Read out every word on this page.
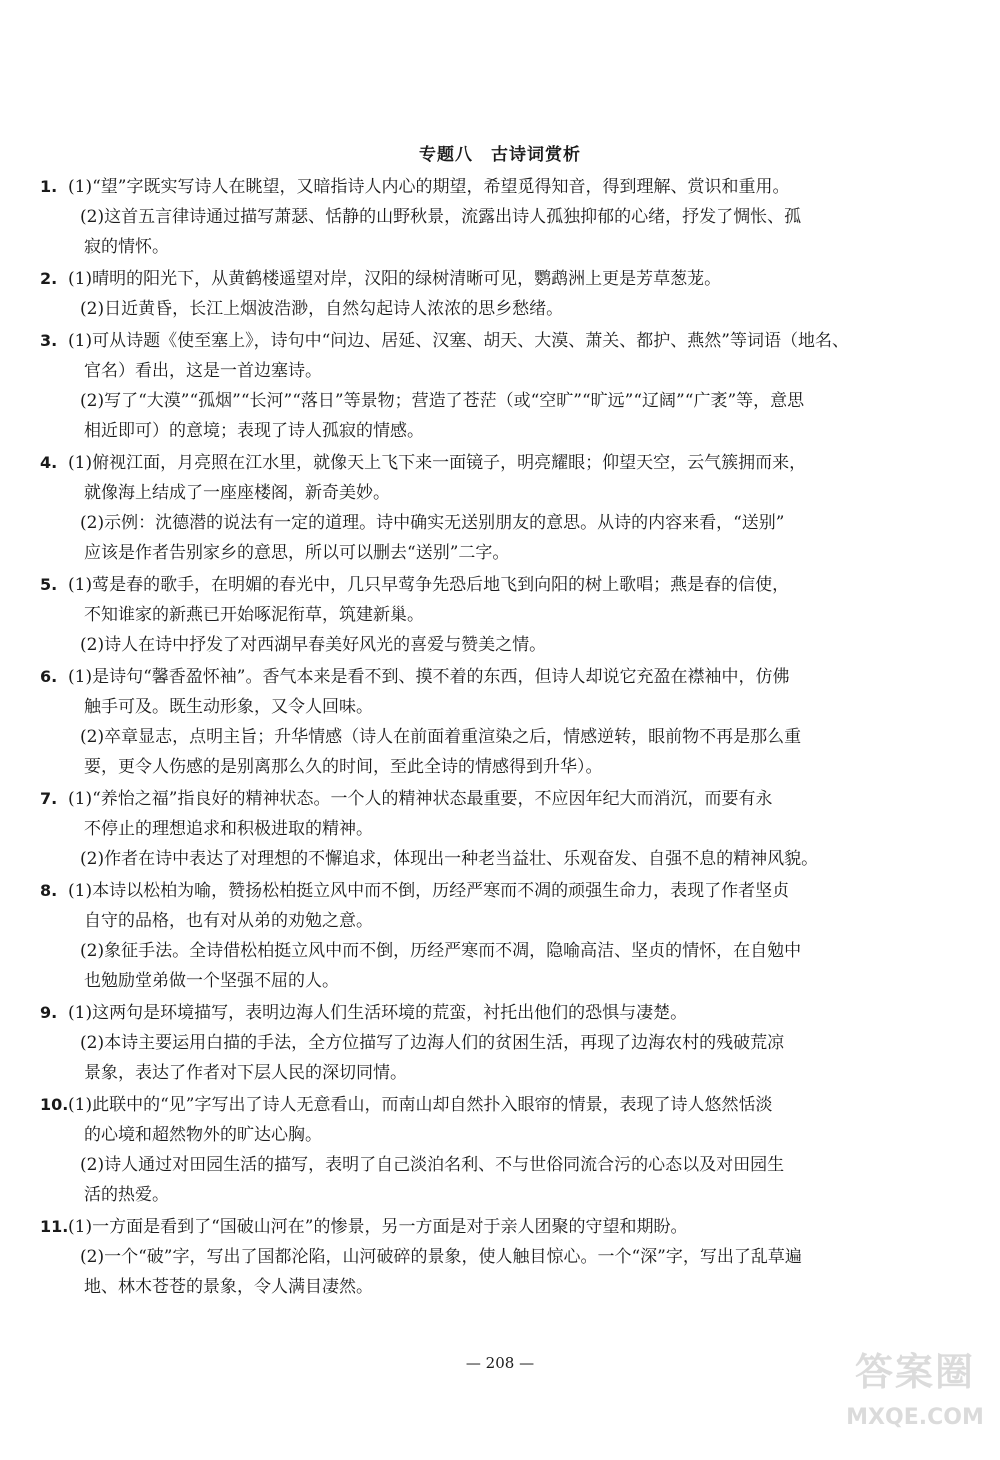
专题八　古诗词赏析
1. (1)“望”字既实写诗人在眺望，又暗指诗人内心的期望，希望觅得知音，得到理解、赏识和重用。
(2)这首五言律诗通过描写萧瑟、恬静的山野秋景，流露出诗人孤独抑郁的心绪，抒发了惆怅、孤
寂的情怀。
2. (1)晴明的阳光下，从黄鹤楼遥望对岸，汉阳的绿树清晰可见，鹦鹉洲上更是芳草葱茏。
(2)日近黄昏，长江上烟波浩渺，自然勾起诗人浓浓的思乡愁绪。
3. (1)可从诗题《使至塞上》，诗句中“问边、居延、汉塞、胡天、大漠、萧关、都护、燕然”等词语（地名、
官名）看出，这是一首边塞诗。
(2)写了“大漠”“孤烟”“长河”“落日”等景物；营造了苍茫（或“空旷”“旷远”“辽阔”“广袤”等，意思
相近即可）的意境；表现了诗人孤寂的情感。
4. (1)俯视江面，月亮照在江水里，就像天上飞下来一面镜子，明亮耀眼；仰望天空，云气簇拥而来，
就像海上结成了一座座楼阁，新奇美妙。
(2)示例：沈德潜的说法有一定的道理。诗中确实无送别朋友的意思。从诗的内容来看，“送别”
应该是作者告别家乡的意思，所以可以删去“送别”二字。
5. (1)莺是春的歌手，在明媚的春光中，几只早莺争先恐后地飞到向阳的树上歌唱；燕是春的信使，
不知谁家的新燕已开始啄泥衔草，筑建新巢。
(2)诗人在诗中抒发了对西湖早春美好风光的喜爱与赞美之情。
6. (1)是诗句“馨香盈怀袖”。香气本来是看不到、摸不着的东西，但诗人却说它充盈在襟袖中，仿佛
触手可及。既生动形象，又令人回味。
(2)卒章显志，点明主旨；升华情感（诗人在前面着重渲染之后，情感逆转，眼前物不再是那么重
要，更令人伤感的是别离那么久的时间，至此全诗的情感得到升华）。
7. (1)“养怡之福”指良好的精神状态。一个人的精神状态最重要，不应因年纪大而消沉，而要有永
不停止的理想追求和积极进取的精神。
(2)作者在诗中表达了对理想的不懈追求，体现出一种老当益壮、乐观奋发、自强不息的精神风貌。
8. (1)本诗以松柏为喻，赞扬松柏挺立风中而不倒，历经严寒而不凋的顽强生命力，表现了作者坚贞
自守的品格，也有对从弟的劝勉之意。
(2)象征手法。全诗借松柏挺立风中而不倒，历经严寒而不凋，隐喻高洁、坚贞的情怀，在自勉中
也勉励堂弟做一个坚强不屈的人。
9. (1)这两句是环境描写，表明边海人们生活环境的荒蛮，衬托出他们的恐惧与凄楚。
(2)本诗主要运用白描的手法，全方位描写了边海人们的贫困生活，再现了边海农村的残破荒凉
景象，表达了作者对下层人民的深切同情。
10. (1)此联中的“见”字写出了诗人无意看山，而南山却自然扑入眼帘的情景，表现了诗人悠然恬淡
的心境和超然物外的旷达心胸。
(2)诗人通过对田园生活的描写，表明了自己淡泊名利、不与世俗同流合污的心态以及对田园生
活的热爱。
11. (1)一方面是看到了“国破山河在”的惨景，另一方面是对于亲人团聚的守望和期盼。
(2)一个“破”字，写出了国都沦陷，山河破碎的景象，使人触目惊心。一个“深”字，写出了乱草遍
地、林木苍苍的景象，令人满目凄然。
— 208 —	答案圈
MXQE.COM
